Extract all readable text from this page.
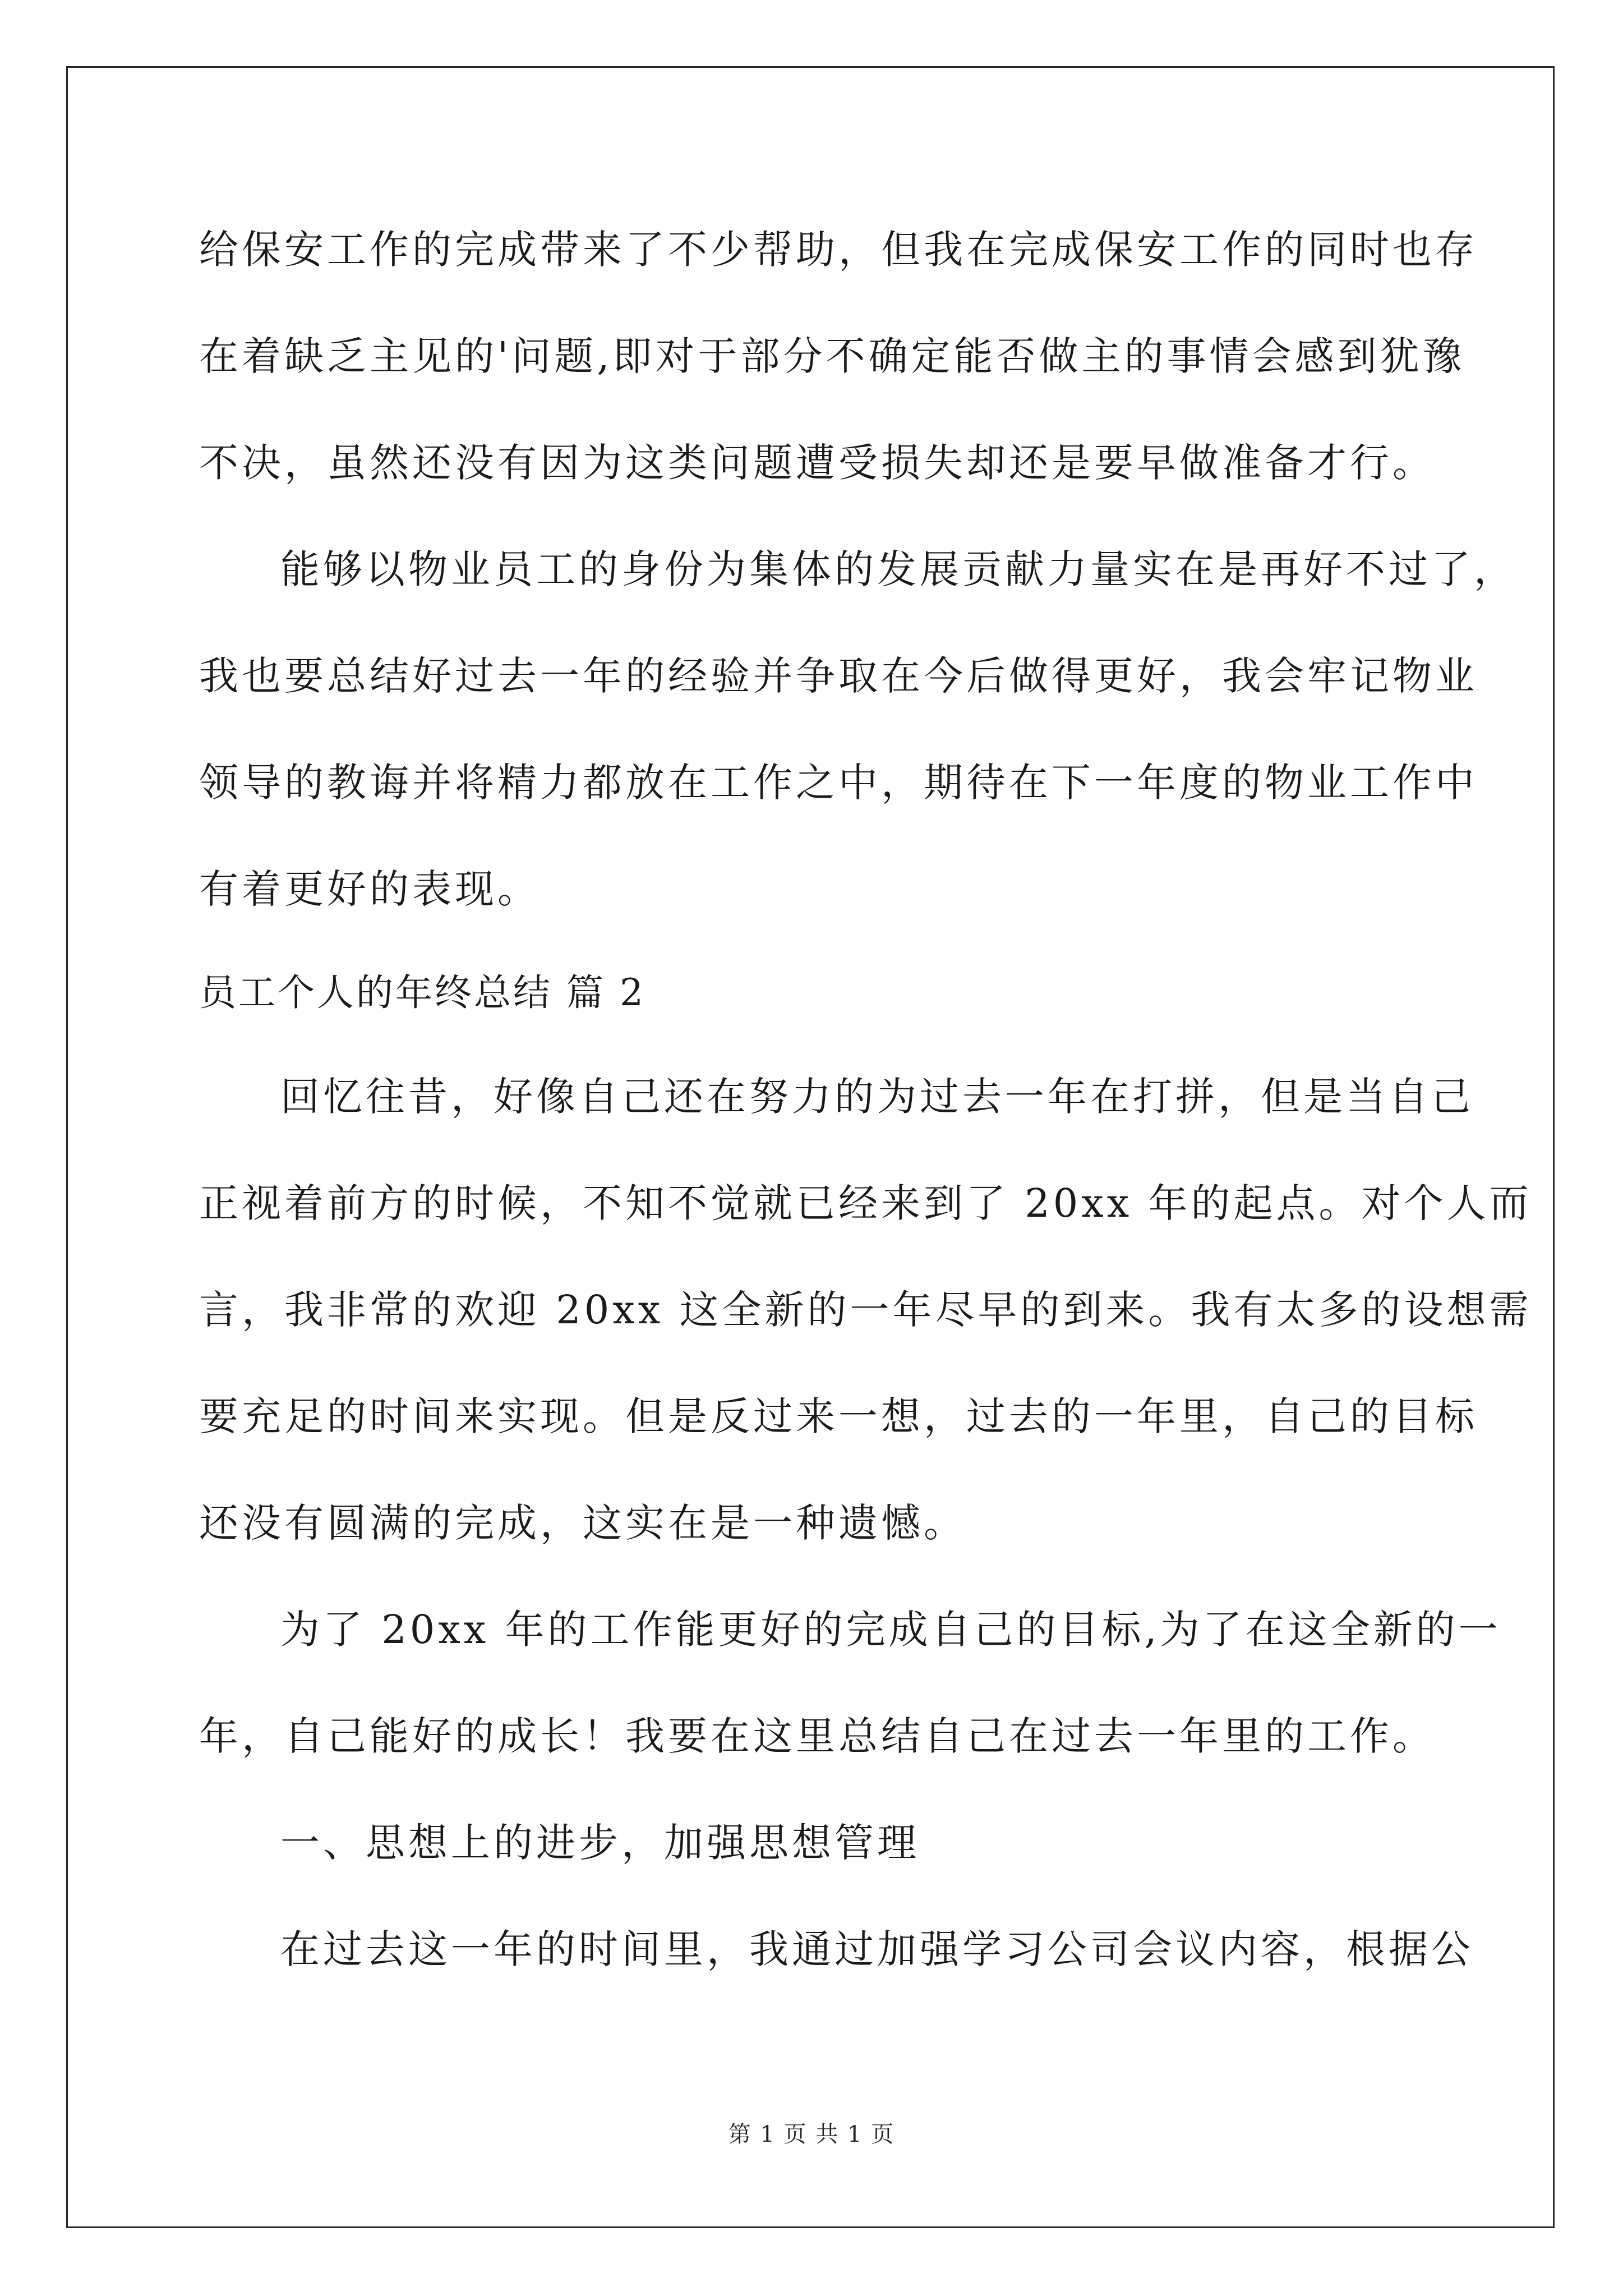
给保安工作的完成带来了不少帮助，但我在完成保安工作的同时也存
在着缺乏主见的'问题,即对于部分不确定能否做主的事情会感到犹豫
不决，虽然还没有因为这类问题遭受损失却还是要早做准备才行。
能够以物业员工的身份为集体的发展贡献力量实在是再好不过了，
我也要总结好过去一年的经验并争取在今后做得更好，我会牢记物业
领导的教诲并将精力都放在工作之中，期待在下一年度的物业工作中
有着更好的表现。
员工个人的年终总结 篇 2
回忆往昔，好像自己还在努力的为过去一年在打拼，但是当自己
正视着前方的时候，不知不觉就已经来到了 20xx 年的起点。对个人而
言，我非常的欢迎 20xx 这全新的一年尽早的到来。我有太多的设想需
要充足的时间来实现。但是反过来一想，过去的一年里，自己的目标
还没有圆满的完成，这实在是一种遗憾。
为了 20xx 年的工作能更好的完成自己的目标,为了在这全新的一
年，自己能好的成长！我要在这里总结自己在过去一年里的工作。
一、思想上的进步，加强思想管理
在过去这一年的时间里，我通过加强学习公司会议内容，根据公
第 1 页 共 1 页
